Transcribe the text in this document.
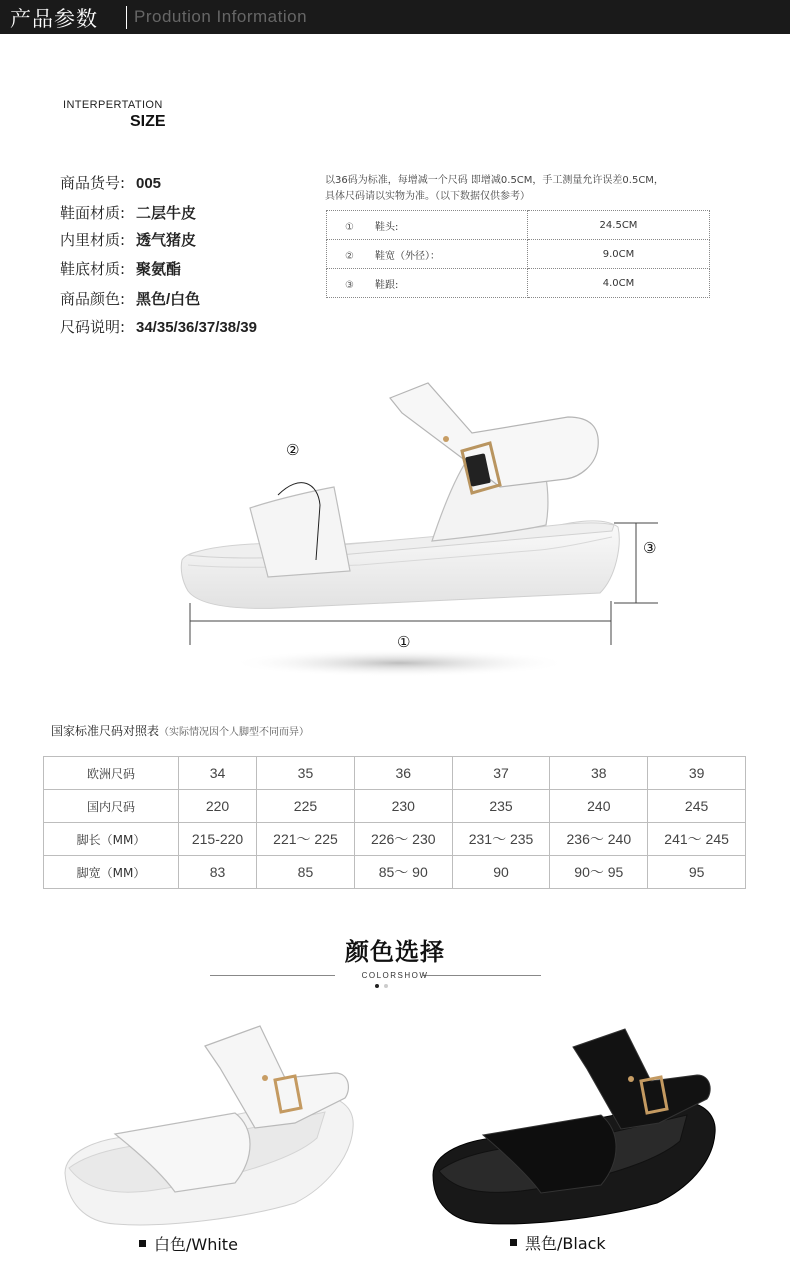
产品参数 Prodution Information
INTERPERTATION
SIZE
商品货号: 005
鞋面材质: 二层牛皮
内里材质: 透气猪皮
鞋底材质: 聚氨酯
商品颜色: 黑色/白色
尺码说明: 34/35/36/37/38/39
以36码为标准，每增减一个尺码 即增减0.5CM，手工测量允许误差0.5CM，
具体尺码请以实物为准。（以下数据仅供参考）
① 鞋头:	24.5CM
② 鞋宽（外径）：	9.0CM
③ 鞋跟:	4.0CM
②
①
③
国家标准尺码对照表（实际情况因个人脚型不同而异）
欧洲尺码	34	35	36	37	38	39
国内尺码	220	225	230	235	240	245
脚长（MM）	215-220	221～ 225	226～ 230	231～ 235	236～ 240	241～ 245
脚宽（MM）	83	85	85～ 90	90	90～ 95	95
颜色选择
COLORSHOW
白色/White	黑色/Black
